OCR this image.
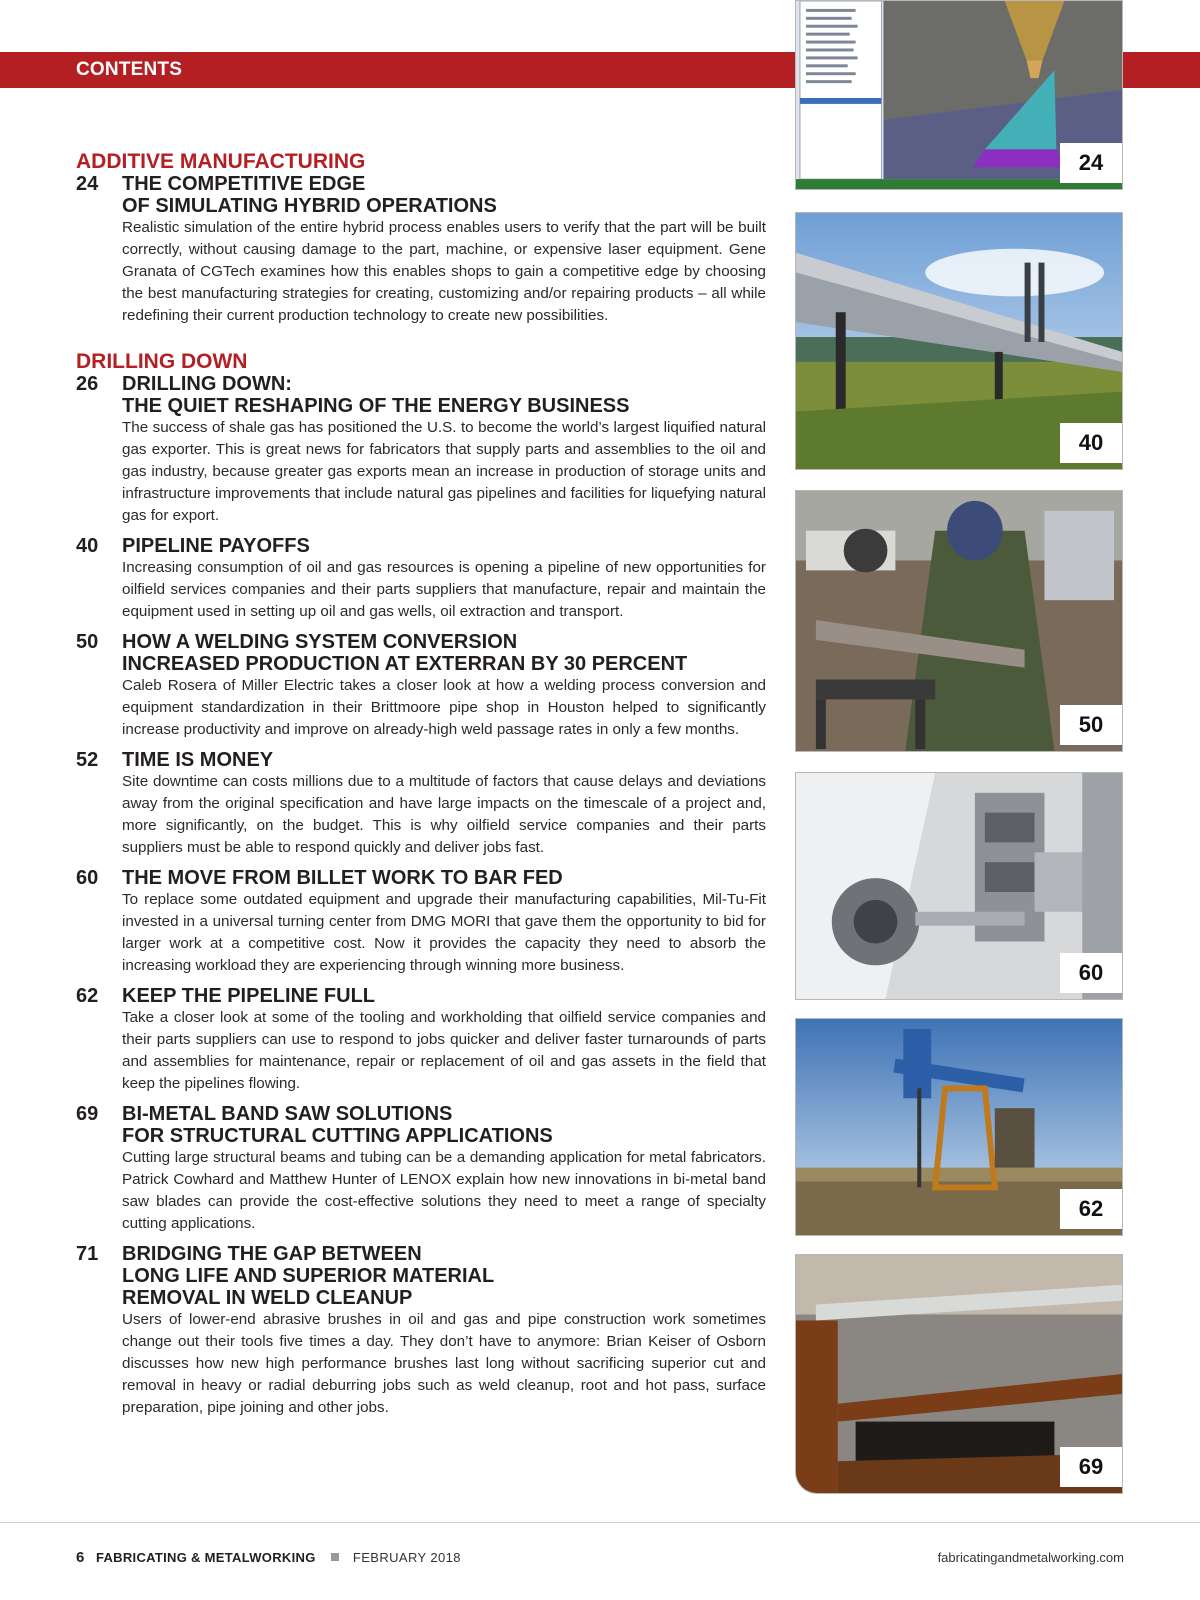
CONTENTS
ADDITIVE MANUFACTURING
24	THE COMPETITIVE EDGE
OF SIMULATING HYBRID OPERATIONS
Realistic simulation of the entire hybrid process enables users to verify that the part will be built correctly, without causing damage to the part, machine, or expensive laser equipment. Gene Granata of CGTech examines how this enables shops to gain a competitive edge by choosing the best manufacturing strategies for creating, customizing and/or repairing products – all while redefining their current production technology to create new possibilities.
DRILLING DOWN
26	DRILLING DOWN:
THE QUIET RESHAPING OF THE ENERGY BUSINESS
The success of shale gas has positioned the U.S. to become the world’s largest liquified natural gas exporter. This is great news for fabricators that supply parts and assemblies to the oil and gas industry, because greater gas exports mean an increase in production of storage units and infrastructure improvements that include natural gas pipelines and facilities for liquefying natural gas for export.
40	PIPELINE PAYOFFS
Increasing consumption of oil and gas resources is opening a pipeline of new opportunities for oilfield services companies and their parts suppliers that manufacture, repair and maintain the equipment used in setting up oil and gas wells, oil extraction and transport.
50	HOW A WELDING SYSTEM CONVERSION
INCREASED PRODUCTION AT EXTERRAN BY 30 PERCENT
Caleb Rosera of Miller Electric takes a closer look at how a welding process conversion and equipment standardization in their Brittmoore pipe shop in Houston helped to significantly increase productivity and improve on already-high weld passage rates in only a few months.
52	TIME IS MONEY
Site downtime can costs millions due to a multitude of factors that cause delays and deviations away from the original specification and have large impacts on the timescale of a project and, more significantly, on the budget. This is why oilfield service companies and their parts suppliers must be able to respond quickly and deliver jobs fast.
60	THE MOVE FROM BILLET WORK TO BAR FED
To replace some outdated equipment and upgrade their manufacturing capabilities, Mil-Tu-Fit invested in a universal turning center from DMG MORI that gave them the opportunity to bid for larger work at a competitive cost. Now it provides the capacity they need to absorb the increasing workload they are experiencing through winning more business.
62	KEEP THE PIPELINE FULL
Take a closer look at some of the tooling and workholding that oilfield service companies and their parts suppliers can use to respond to jobs quicker and deliver faster turnarounds of parts and assemblies for maintenance, repair or replacement of oil and gas assets in the field that keep the pipelines flowing.
69	BI-METAL BAND SAW SOLUTIONS
FOR STRUCTURAL CUTTING APPLICATIONS
Cutting large structural beams and tubing can be a demanding application for metal fabricators. Patrick Cowhard and Matthew Hunter of LENOX explain how new innovations in bi-metal band saw blades can provide the cost-effective solutions they need to meet a range of specialty cutting applications.
71	BRIDGING THE GAP BETWEEN
LONG LIFE AND SUPERIOR MATERIAL
REMOVAL IN WELD CLEANUP
Users of lower-end abrasive brushes in oil and gas and pipe construction work sometimes change out their tools five times a day. They don’t have to anymore: Brian Keiser of Osborn discusses how new high performance brushes last long without sacrificing superior cut and removal in heavy or radial deburring jobs such as weld cleanup, root and hot pass, surface preparation, pipe joining and other jobs.
24
40
50
60
62
69
6 FABRICATING & METALWORKING	FEBRUARY 2018	fabricatingandmetalworking.com
